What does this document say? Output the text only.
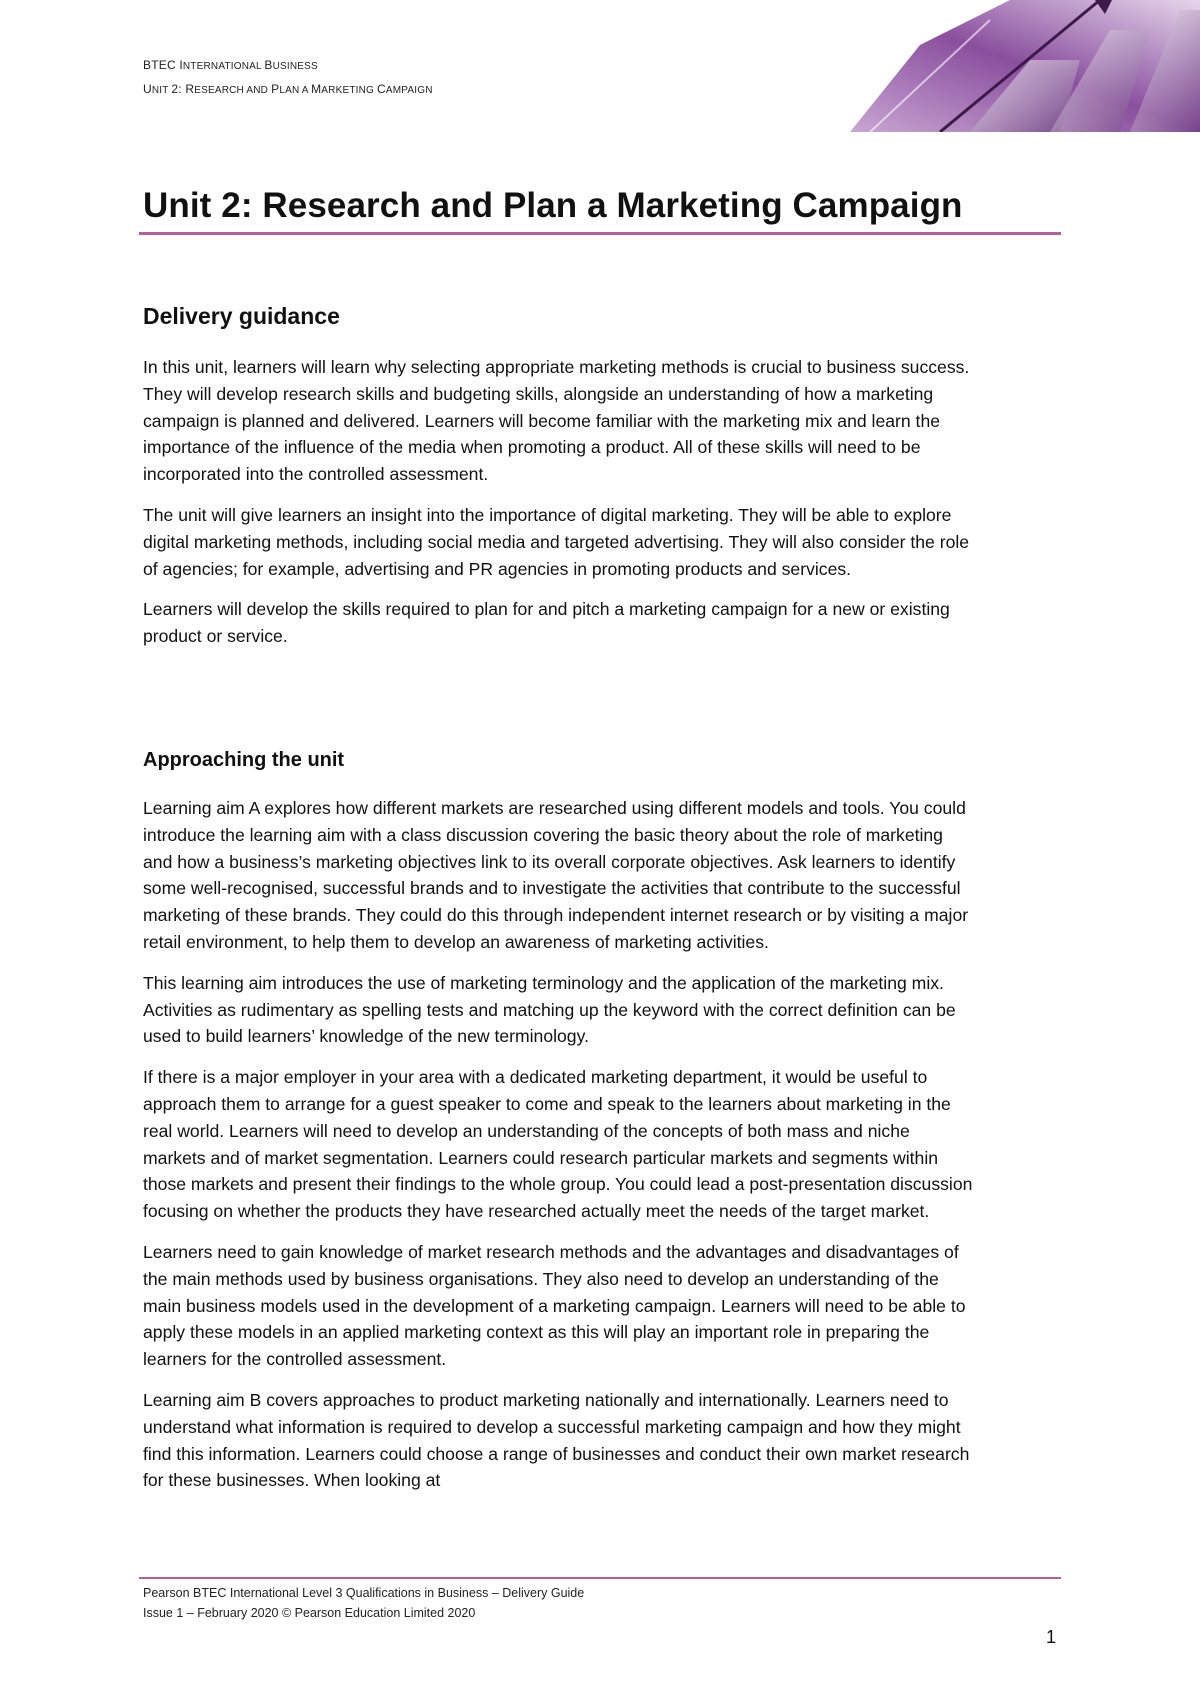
BTEC INTERNATIONAL BUSINESS
UNIT 2: RESEARCH AND PLAN A MARKETING CAMPAIGN
Unit 2: Research and Plan a Marketing Campaign
Delivery guidance

In this unit, learners will learn why selecting appropriate marketing methods is crucial to business success. They will develop research skills and budgeting skills, alongside an understanding of how a marketing campaign is planned and delivered. Learners will become familiar with the marketing mix and learn the importance of the influence of the media when promoting a product. All of these skills will need to be incorporated into the controlled assessment.

The unit will give learners an insight into the importance of digital marketing. They will be able to explore digital marketing methods, including social media and targeted advertising. They will also consider the role of agencies; for example, advertising and PR agencies in promoting products and services.

Learners will develop the skills required to plan for and pitch a marketing campaign for a new or existing product or service.

Approaching the unit

Learning aim A explores how different markets are researched using different models and tools. You could introduce the learning aim with a class discussion covering the basic theory about the role of marketing and how a business’s marketing objectives link to its overall corporate objectives. Ask learners to identify some well-recognised, successful brands and to investigate the activities that contribute to the successful marketing of these brands. They could do this through independent internet research or by visiting a major retail environment, to help them to develop an awareness of marketing activities.

This learning aim introduces the use of marketing terminology and the application of the marketing mix. Activities as rudimentary as spelling tests and matching up the keyword with the correct definition can be used to build learners’ knowledge of the new terminology.

If there is a major employer in your area with a dedicated marketing department, it would be useful to approach them to arrange for a guest speaker to come and speak to the learners about marketing in the real world. Learners will need to develop an understanding of the concepts of both mass and niche markets and of market segmentation. Learners could research particular markets and segments within those markets and present their findings to the whole group. You could lead a post-presentation discussion focusing on whether the products they have researched actually meet the needs of the target market.

Learners need to gain knowledge of market research methods and the advantages and disadvantages of the main methods used by business organisations. They also need to develop an understanding of the main business models used in the development of a marketing campaign. Learners will need to be able to apply these models in an applied marketing context as this will play an important role in preparing the learners for the controlled assessment.

Learning aim B covers approaches to product marketing nationally and internationally. Learners need to understand what information is required to develop a successful marketing campaign and how they might find this information. Learners could choose a range of businesses and conduct their own market research for these businesses. When looking at

Pearson BTEC International Level 3 Qualifications in Business – Delivery Guide
Issue 1 – February 2020 © Pearson Education Limited 2020
1
